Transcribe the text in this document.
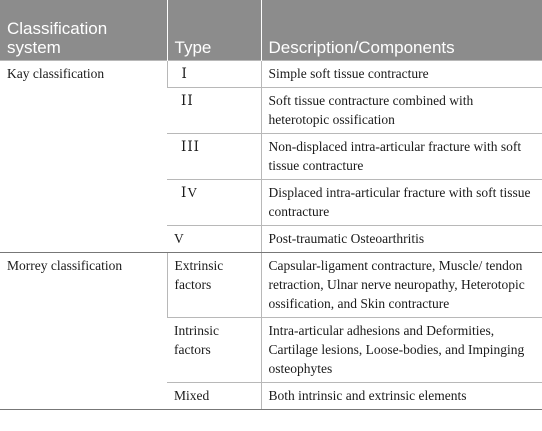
Classification system	Type	Description/Components
Kay classification	Ⅰ	Simple soft tissue contracture
	ⅠⅠ	Soft tissue contracture combined with heterotopic ossification
	ⅠⅠⅠ	Non-displaced intra-articular fracture with soft tissue contracture
	ⅠV	Displaced intra-articular fracture with soft tissue contracture
	V	Post-traumatic Osteoarthritis
Morrey classification	Extrinsic factors	Capsular-ligament contracture, Muscle/ tendon retraction, Ulnar nerve neuropathy, Heterotopic ossification, and Skin contracture
	Intrinsic factors	Intra-articular adhesions and Deformities, Cartilage lesions, Loose-bodies, and Impinging osteophytes
	Mixed	Both intrinsic and extrinsic elements
